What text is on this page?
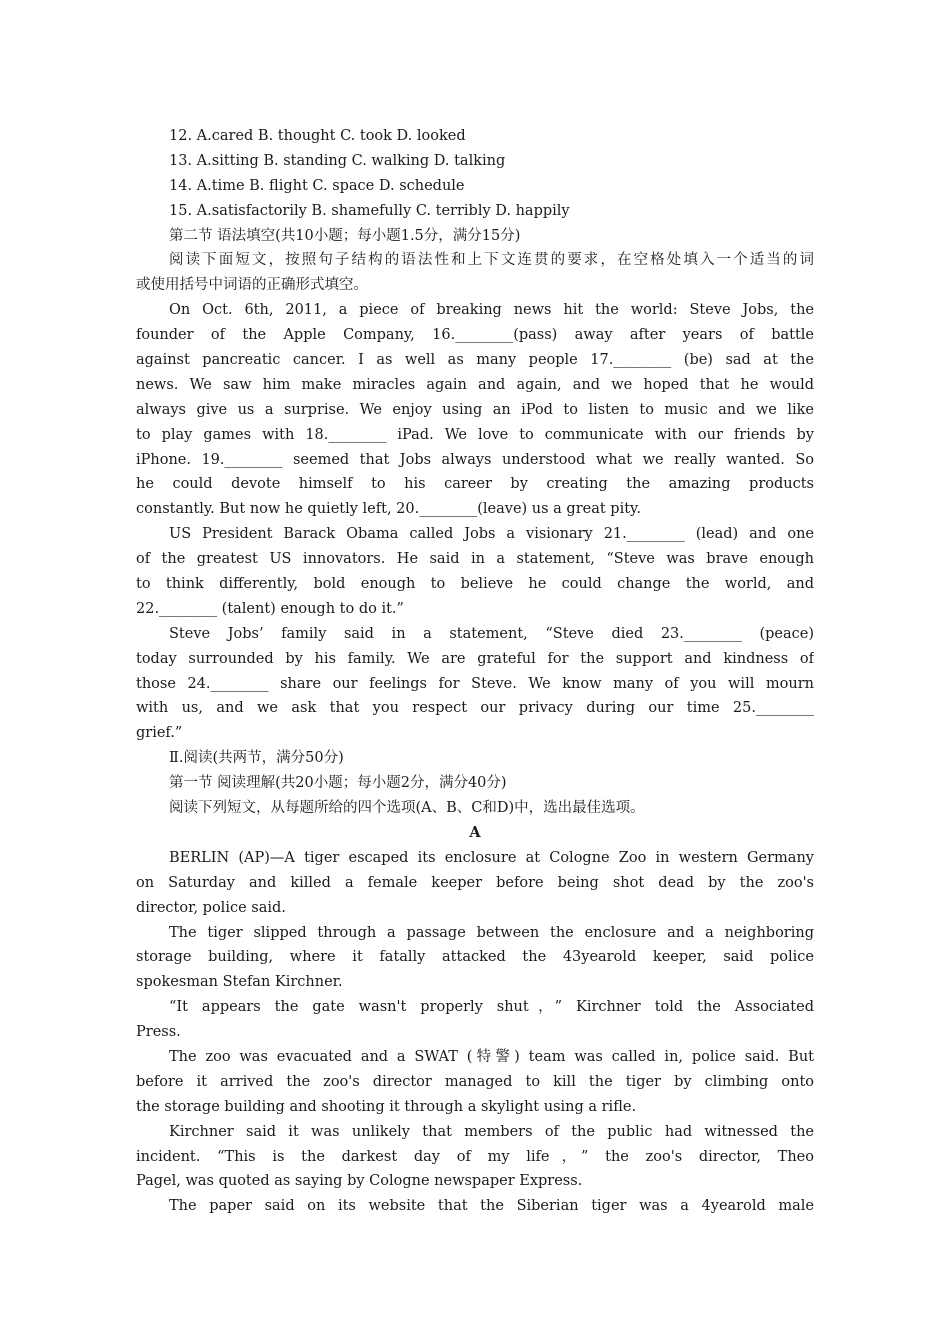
12. A.cared B. thought C. took D. looked
13. A.sitting B. standing C. walking D. talking
14. A.time B. flight C. space D. schedule
15. A.satisfactorily B. shamefully C. terribly D. happily
第二节 语法填空(共10小题；每小题1.5分，满分15分)
阅读下面短文，按照句子结构的语法性和上下文连贯的要求，在空格处填入一个适当的词
或使用括号中词语的正确形式填空。
On Oct. 6th, 2011, a piece of breaking news hit the world: Steve Jobs, the
founder of the Apple Company, 16.________(pass) away after years of battle
against pancreatic cancer. I as well as many people 17.________ (be) sad at the
news. We saw him make miracles again and again, and we hoped that he would
always give us a surprise. We enjoy using an iPod to listen to music and we like
to play games with 18.________ iPad. We love to communicate with our friends by
iPhone. 19.________ seemed that Jobs always understood what we really wanted. So
he could devote himself to his career by creating the amazing products
constantly. But now he quietly left, 20.________(leave) us a great pity.
US President Barack Obama called Jobs a visionary 21.________ (lead) and one
of the greatest US innovators. He said in a statement, “Steve was brave enough
to think differently, bold enough to believe he could change the world, and
22.________ (talent) enough to do it.”
Steve Jobs’ family said in a statement, “Steve died 23.________ (peace)
today surrounded by his family. We are grateful for the support and kindness of
those 24.________ share our feelings for Steve. We know many of you will mourn
with us, and we ask that you respect our privacy during our time 25.________
grief.”
Ⅱ.阅读(共两节，满分50分)
第一节 阅读理解(共20小题；每小题2分，满分40分)
阅读下列短文，从每题所给的四个选项(A、B、C和D)中，选出最佳选项。
A
BERLIN (AP)—A tiger escaped its enclosure at Cologne Zoo in western Germany
on Saturday and killed a female keeper before being shot dead by the zoo's
director, police said.
The tiger slipped through a passage between the enclosure and a neighboring
storage building, where it fatally attacked the 43yearold keeper, said police
spokesman Stefan Kirchner.
“It appears the gate wasn't properly shut，” Kirchner told the Associated
Press.
The zoo was evacuated and a SWAT (特警) team was called in, police said. But
before it arrived the zoo's director managed to kill the tiger by climbing onto
the storage building and shooting it through a skylight using a rifle.
Kirchner said it was unlikely that members of the public had witnessed the
incident. “This is the darkest day of my life，” the zoo's director, Theo
Pagel, was quoted as saying by Cologne newspaper Express.
The paper said on its website that the Siberian tiger was a 4yearold male
